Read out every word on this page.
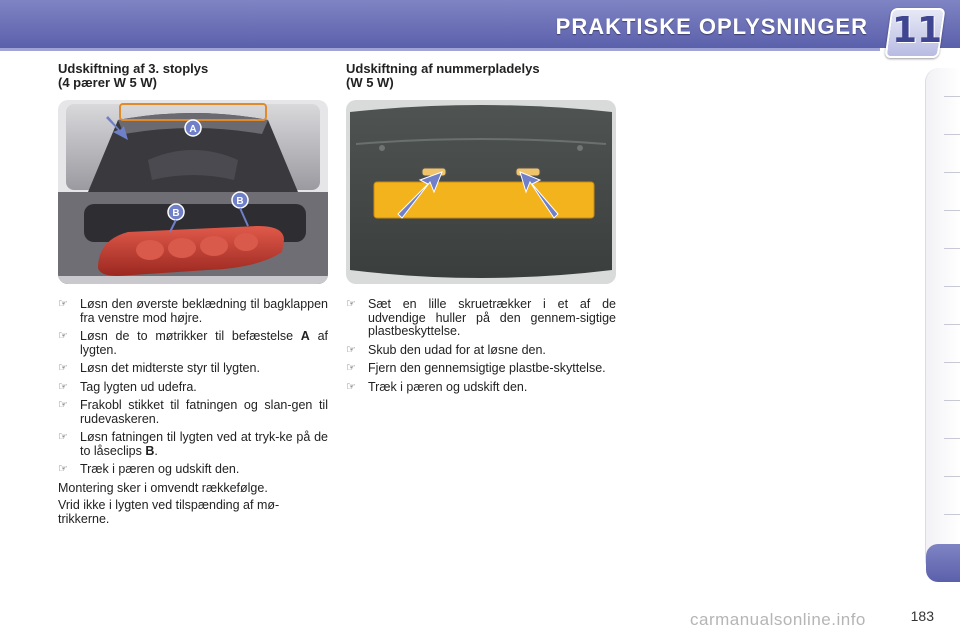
PRAKTISKE OPLYSNINGER 11
Udskiftning af 3. stoplys
(4 pærer W 5 W)
A
B
B
☞ Løsn den øverste beklædning til bagklappen fra venstre mod højre.
☞ Løsn de to møtrikker til befæstelse A af lygten.
☞ Løsn det midterste styr til lygten.
☞ Tag lygten ud udefra.
☞ Frakobl stikket til fatningen og slan-gen til rudevaskeren.
☞ Løsn fatningen til lygten ved at tryk-ke på de to låseclips B.
☞ Træk i pæren og udskift den.

Montering sker i omvendt rækkefølge.

Vrid ikke i lygten ved tilspænding af mø-trikkerne.

Udskiftning af nummerpladelys
(W 5 W)
☞ Sæt en lille skruetrækker i et af de udvendige huller på den gennem-sigtige plastbeskyttelse.
☞ Skub den udad for at løsne den.
☞ Fjern den gennemsigtige plastbe-skyttelse.
☞ Træk i pæren og udskift den.
183
carmanualsonline.info
